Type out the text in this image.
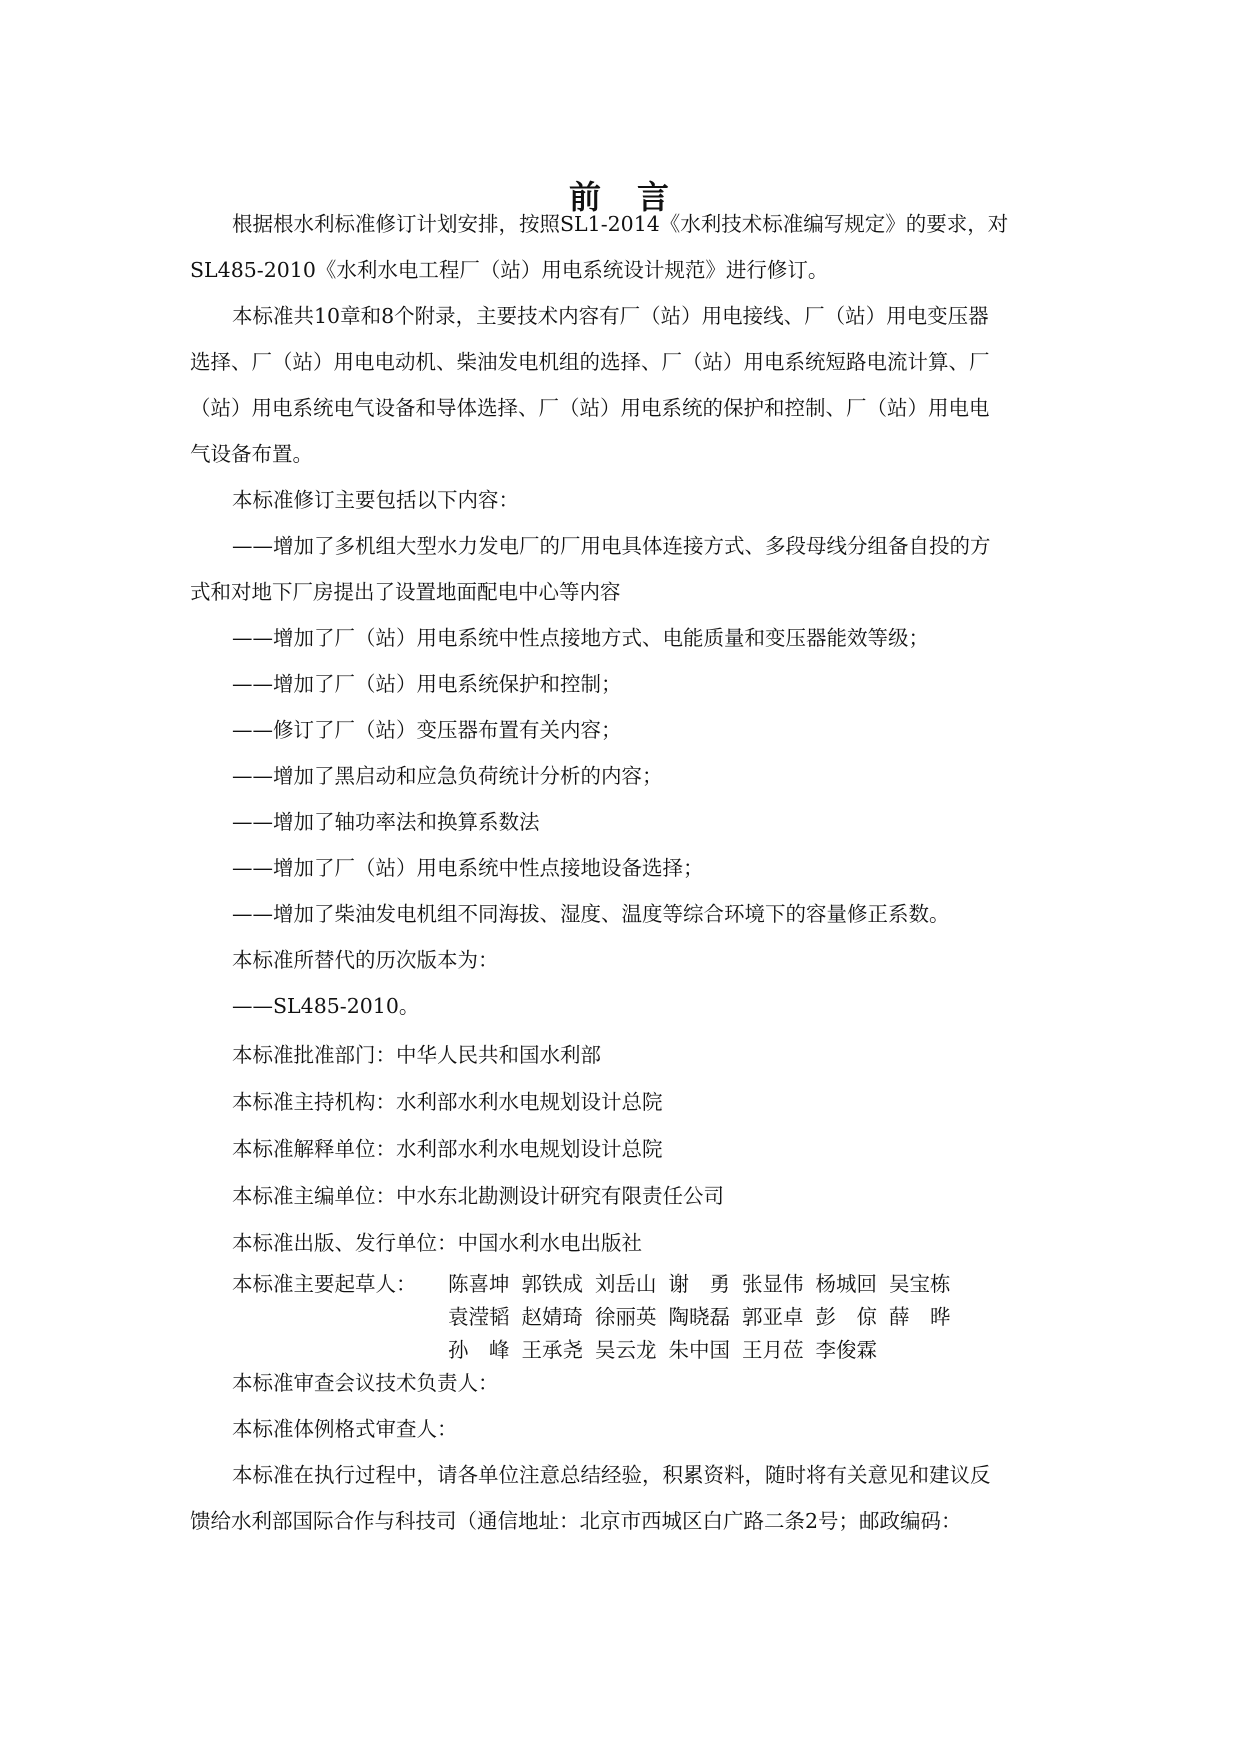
前 言
根据根水利标准修订计划安排，按照SL1-2014《水利技术标准编写规定》的要求，对
SL485-2010《水利水电工程厂（站）用电系统设计规范》进行修订。
本标准共10章和8个附录，主要技术内容有厂（站）用电接线、厂（站）用电变压器
选择、厂（站）用电电动机、柴油发电机组的选择、厂（站）用电系统短路电流计算、厂
（站）用电系统电气设备和导体选择、厂（站）用电系统的保护和控制、厂（站）用电电
气设备布置。
本标准修订主要包括以下内容：
——增加了多机组大型水力发电厂的厂用电具体连接方式、多段母线分组备自投的方
式和对地下厂房提出了设置地面配电中心等内容
——增加了厂（站）用电系统中性点接地方式、电能质量和变压器能效等级；
——增加了厂（站）用电系统保护和控制；
——修订了厂（站）变压器布置有关内容；
——增加了黑启动和应急负荷统计分析的内容；
——增加了轴功率法和换算系数法
——增加了厂（站）用电系统中性点接地设备选择；
——增加了柴油发电机组不同海拔、湿度、温度等综合环境下的容量修正系数。
本标准所替代的历次版本为：
——SL485-2010。
本标准批准部门：中华人民共和国水利部
本标准主持机构：水利部水利水电规划设计总院
本标准解释单位：水利部水利水电规划设计总院
本标准主编单位：中水东北勘测设计研究有限责任公司
本标准出版、发行单位：中国水利水电出版社
本标准主要起草人：	陈喜坤 郭铁成 刘岳山 谢　勇 张显伟 杨城回 吴宝栋
袁滢韬 赵婧琦 徐丽英 陶晓磊 郭亚卓 彭　倞 薛　晔
孙　峰 王承尧 吴云龙 朱中国 王月莅 李俊霖
本标准审查会议技术负责人：
本标准体例格式审查人：
本标准在执行过程中，请各单位注意总结经验，积累资料，随时将有关意见和建议反
馈给水利部国际合作与科技司（通信地址：北京市西城区白广路二条2号；邮政编码：
